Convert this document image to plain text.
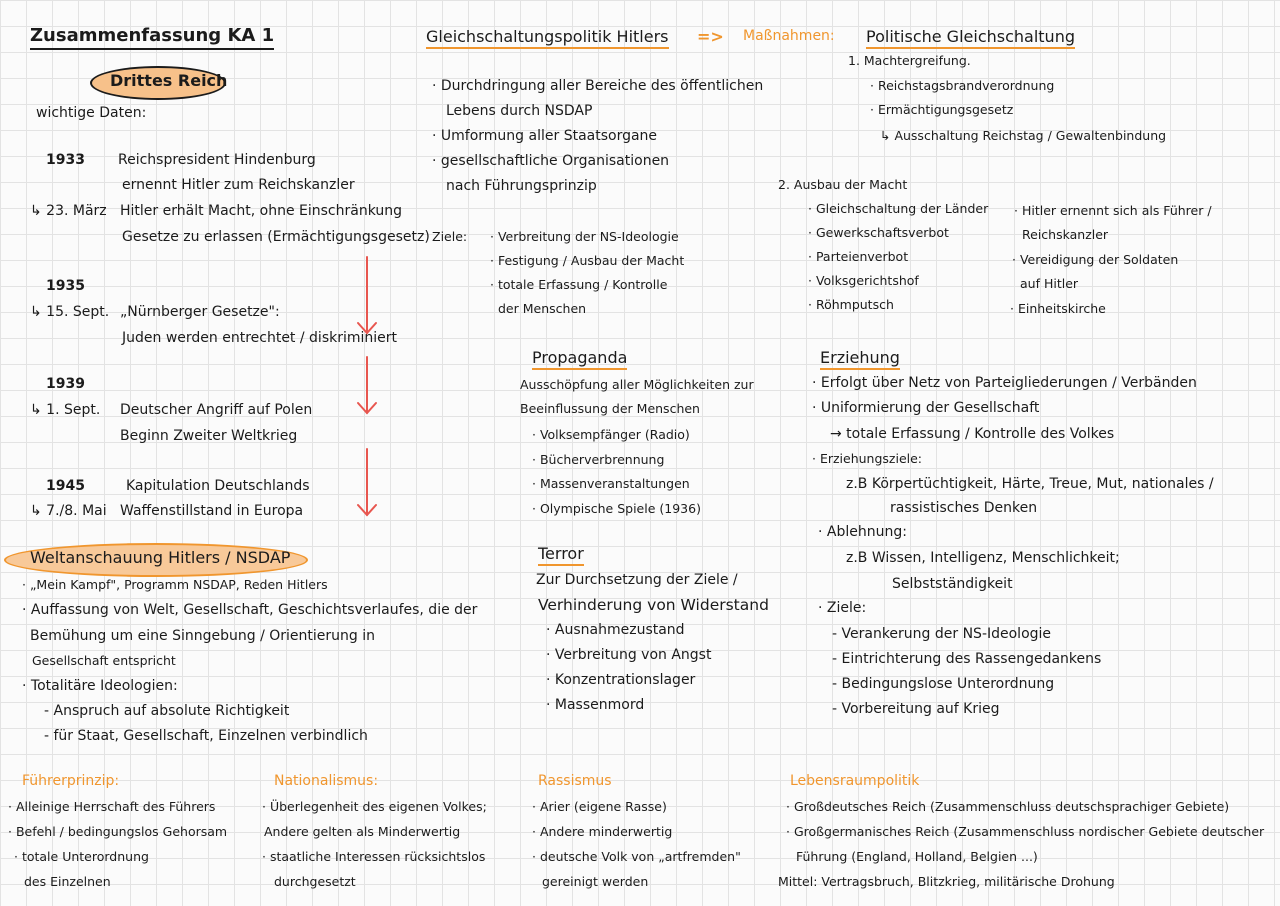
Zusammenfassung KA 1
Drittes Reich
wichtige Daten:
1933 Reichspresident Hindenburg
ernennt Hitler zum Reichskanzler
↳ 23. März Hitler erhält Macht, ohne Einschränkung
Gesetze zu erlassen (Ermächtigungsgesetz)
1935
↳ 15. Sept. „Nürnberger Gesetze":
Juden werden entrechtet / diskriminiert
1939
↳ 1. Sept. Deutscher Angriff auf Polen
Beginn Zweiter Weltkrieg
1945
↳ 7./8. Mai
Kapitulation Deutschlands
Waffenstillstand in Europa
Weltanschauung Hitlers / NSDAP
· „Mein Kampf", Programm NSDAP, Reden Hitlers
· Auffassung von Welt, Gesellschaft, Geschichtsverlaufes, die der
Bemühung um eine Sinngebung / Orientierung in
Gesellschaft entspricht
· Totalitäre Ideologien:
- Anspruch auf absolute Richtigkeit
- für Staat, Gesellschaft, Einzelnen verbindlich
Gleichschaltungspolitik Hitlers => Maßnahmen:
· Durchdringung aller Bereiche des öffentlichen
Lebens durch NSDAP
· Umformung aller Staatsorgane
· gesellschaftliche Organisationen
nach Führungsprinzip
Ziele: · Verbreitung der NS-Ideologie
· Festigung / Ausbau der Macht
· totale Erfassung / Kontrolle
der Menschen
Politische Gleichschaltung
1. Machtergreifung.
· Reichstagsbrandverordnung
· Ermächtigungsgesetz
↳ Ausschaltung Reichstag / Gewaltenbindung
2. Ausbau der Macht
· Gleichschaltung der Länder
· Gewerkschaftsverbot
· Parteienverbot
· Volksgerichtshof
· Röhmputsch
· Hitler ernennt sich als Führer /
Reichskanzler
· Vereidigung der Soldaten
auf Hitler
· Einheitskirche
Propaganda
Ausschöpfung aller Möglichkeiten zur
Beeinflussung der Menschen
· Volksempfänger (Radio)
· Bücherverbrennung
· Massenveranstaltungen
· Olympische Spiele (1936)
Terror
Zur Durchsetzung der Ziele /
Verhinderung von Widerstand
· Ausnahmezustand
· Verbreitung von Angst
· Konzentrationslager
· Massenmord
Erziehung
· Erfolgt über Netz von Parteigliederungen / Verbänden
· Uniformierung der Gesellschaft
→ totale Erfassung / Kontrolle des Volkes
· Erziehungsziele:
z.B Körpertüchtigkeit, Härte, Treue, Mut, nationales /
rassistisches Denken
· Ablehnung:
z.B Wissen, Intelligenz, Menschlichkeit;
Selbstständigkeit
· Ziele:
- Verankerung der NS-Ideologie
- Eintrichterung des Rassengedankens
- Bedingungslose Unterordnung
- Vorbereitung auf Krieg
Führerprinzip:
· Alleinige Herrschaft des Führers
· Befehl / bedingungslos Gehorsam
· totale Unterordnung
des Einzelnen
Nationalismus:
· Überlegenheit des eigenen Volkes;
Andere gelten als Minderwertig
· staatliche Interessen rücksichtslos
durchgesetzt
Rassismus
· Arier (eigene Rasse)
· Andere minderwertig
· deutsche Volk von „artfremden"
gereinigt werden
Lebensraumpolitik
· Großdeutsches Reich (Zusammenschluss deutschsprachiger Gebiete)
· Großgermanisches Reich (Zusammenschluss nordischer Gebiete deutscher
Führung (England, Holland, Belgien ...)
Mittel: Vertragsbruch, Blitzkrieg, militärische Drohung
